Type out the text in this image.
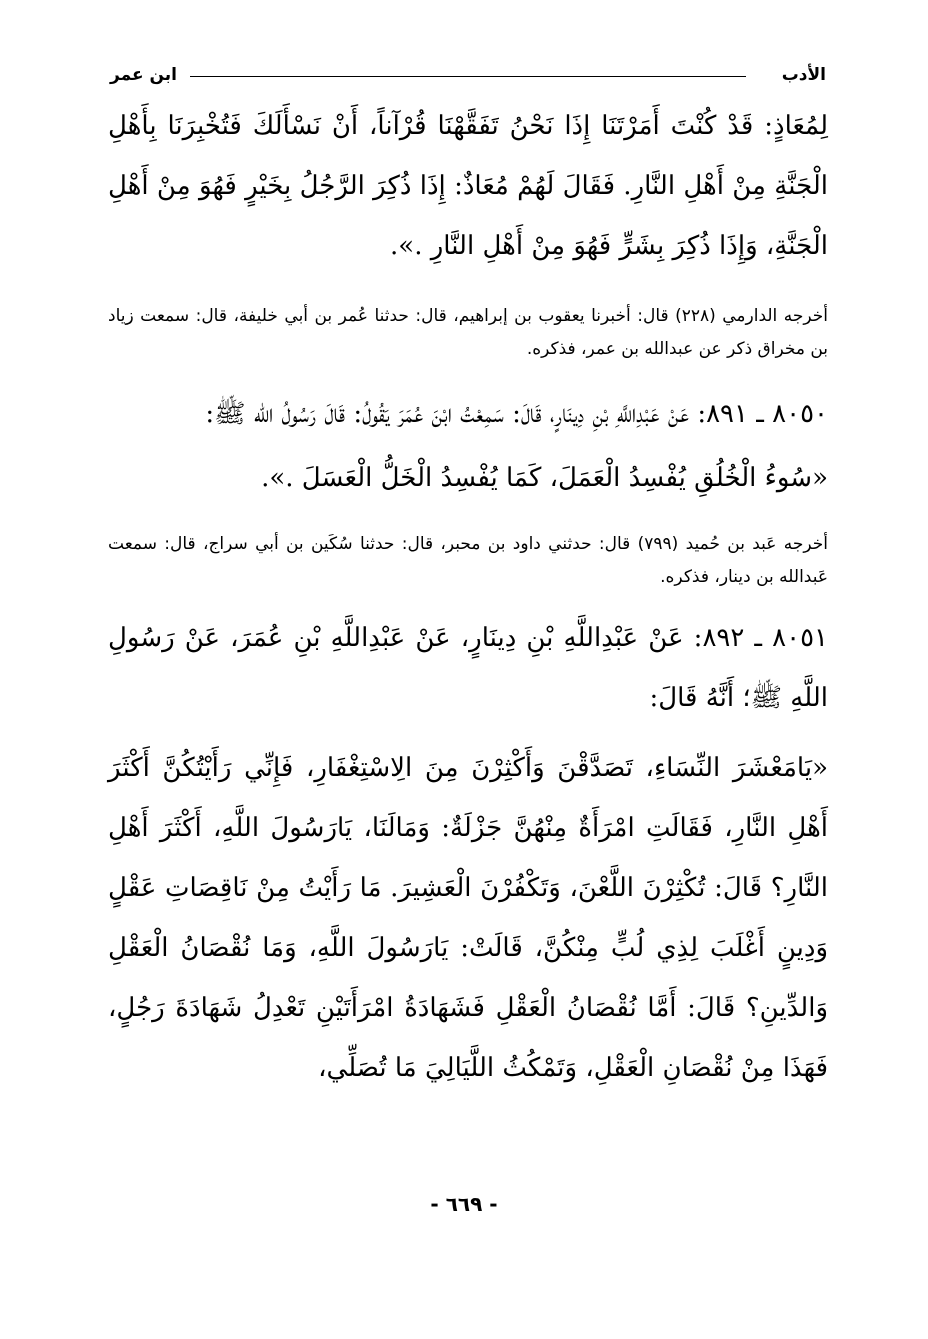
الأدب
ابن عمر

لِمُعَاذٍ: قَدْ كُنْتَ أَمَرْتَنَا إِذَا نَحْنُ تَفَقَّهْنَا قُرْآناً، أَنْ نَسْأَلَكَ فَتُخْبِرَنَا بِأَهْلِ الْجَنَّةِ مِنْ أَهْلِ النَّارِ. فَقَالَ لَهُمْ مُعَاذٌ: إِذَا ذُكِرَ الرَّجُلُ بِخَيْرٍ فَهُوَ مِنْ أَهْلِ الْجَنَّةِ، وَإِذَا ذُكِرَ بِشَرٍّ فَهُوَ مِنْ أَهْلِ النَّارِ .».

أخرجه الدارمي (٢٢٨) قال: أخبرنا يعقوب بن إبراهيم، قال: حدثنا عُمر بن أبي خليفة، قال: سمعت زياد بن مخراق ذكر عن عبدالله بن عمر، فذكره.

٨٠٥٠ ـ ٨٩١: عَنْ عَبْدِاللَّهِ بْنِ دِينَارٍ، قَالَ: سَمِعْتُ ابْنَ عُمَرَ يَقُولُ: قَالَ رَسُولُ الله ﷺ:

«سُوءُ الْخُلُقِ يُفْسِدُ الْعَمَلَ، كَمَا يُفْسِدُ الْخَلُّ الْعَسَلَ .».

أخرجه عَبد بن حُميد (٧٩٩) قال: حدثني داود بن محبر، قال: حدثنا سُكَين بن أبي سراج، قال: سمعت عَبدالله بن دينار، فذكره.

٨٠٥١ ـ ٨٩٢: عَنْ عَبْدِاللَّهِ بْنِ دِينَارٍ، عَنْ عَبْدِاللَّهِ بْنِ عُمَرَ، عَنْ رَسُولِ اللَّهِ ﷺ؛ أَنَّهُ قَالَ:

«يَامَعْشَرَ النِّسَاءِ، تَصَدَّقْنَ وَأَكْثِرْنَ مِنَ الِاسْتِغْفَارِ، فَإِنِّي رَأَيْتُكُنَّ أَكْثَرَ أَهْلِ النَّارِ، فَقَالَتِ امْرَأَةٌ مِنْهُنَّ جَزْلَةٌ: وَمَالَنَا، يَارَسُولَ اللَّهِ، أَكْثَرَ أَهْلِ النَّارِ؟ قَالَ: تُكْثِرْنَ اللَّعْنَ، وَتَكْفُرْنَ الْعَشِيرَ. مَا رَأَيْتُ مِنْ نَاقِصَاتِ عَقْلٍ وَدِينٍ أَغْلَبَ لِذِي لُبٍّ مِنْكُنَّ، قَالَتْ: يَارَسُولَ اللَّهِ، وَمَا نُقْصَانُ الْعَقْلِ وَالدِّينِ؟ قَالَ: أَمَّا نُقْصَانُ الْعَقْلِ فَشَهَادَةُ امْرَأَتَيْنِ تَعْدِلُ شَهَادَةَ رَجُلٍ، فَهَذَا مِنْ نُقْصَانِ الْعَقْلِ، وَتَمْكُثُ اللَّيَالِيَ مَا تُصَلِّي،

- ٦٦٩ -
